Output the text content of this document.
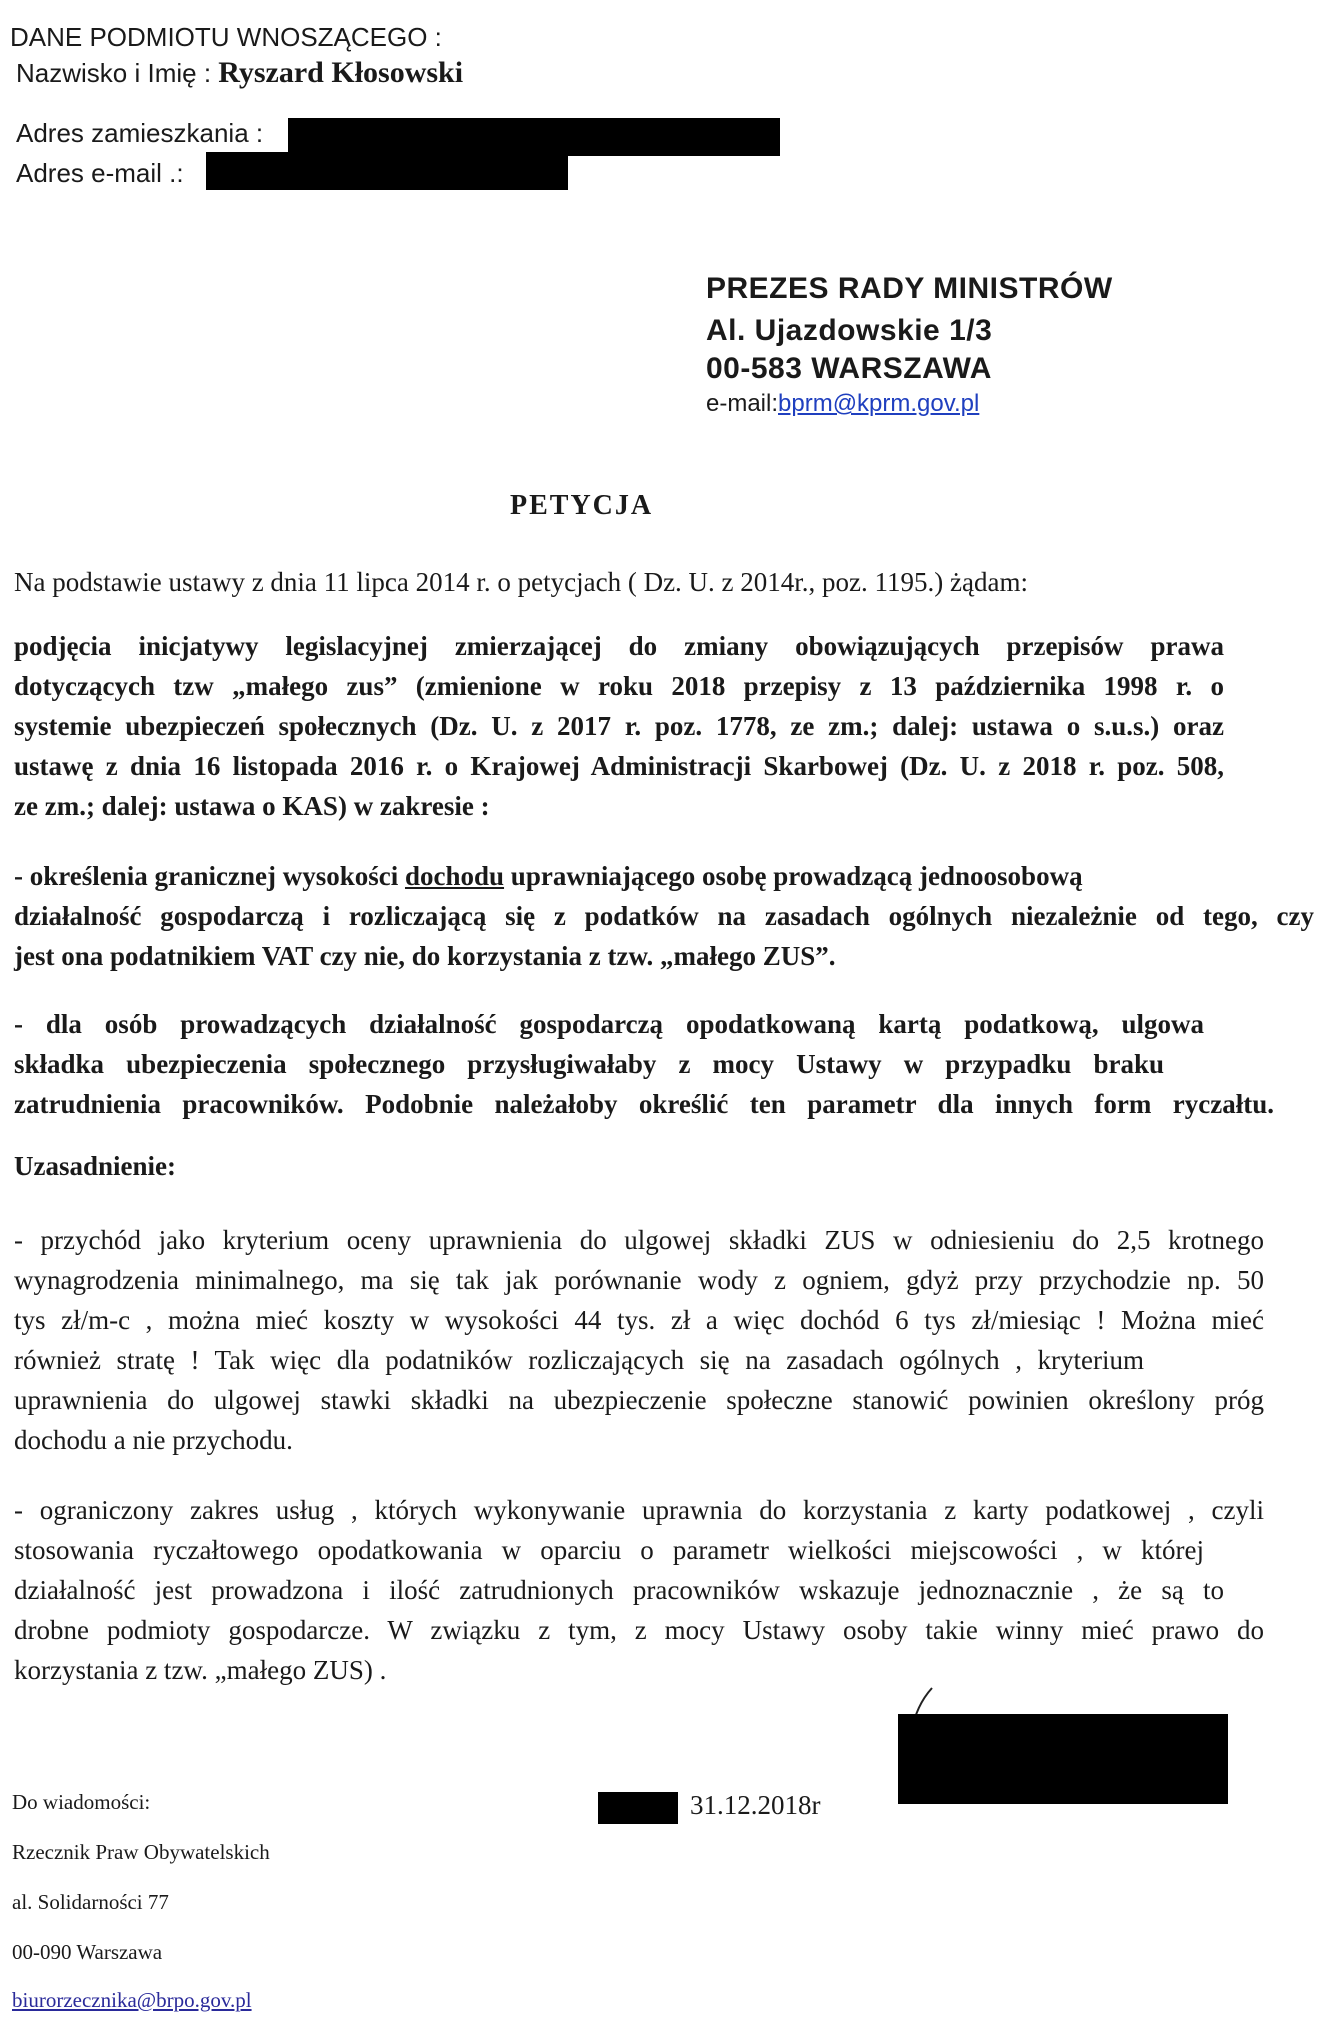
DANE PODMIOTU WNOSZĄCEGO :
Nazwisko i Imię : Ryszard Kłosowski
Adres zamieszkania :
Adres e-mail .:
PREZES RADY MINISTRÓW
Al. Ujazdowskie 1/3
00-583 WARSZAWA
e-mail:bprm@kprm.gov.pl
PETYCJA
Na podstawie ustawy z dnia 11 lipca 2014 r. o petycjach ( Dz. U. z 2014r., poz. 1195.) żądam:
podjęcia inicjatywy legislacyjnej zmierzającej do zmiany obowiązujących przepisów prawa
dotyczących tzw „małego zus” (zmienione w roku 2018 przepisy z 13 października 1998 r. o
systemie ubezpieczeń społecznych (Dz. U. z 2017 r. poz. 1778, ze zm.; dalej: ustawa o s.u.s.) oraz
ustawę z dnia 16 listopada 2016 r. o Krajowej Administracji Skarbowej (Dz. U. z 2018 r. poz. 508,
ze zm.; dalej: ustawa o KAS) w zakresie :
- określenia granicznej wysokości dochodu uprawniającego osobę prowadzącą jednoosobową
działalność gospodarczą i rozliczającą się z podatków na zasadach ogólnych niezależnie od tego, czy
jest ona podatnikiem VAT czy nie, do korzystania z tzw. „małego ZUS”.
- dla osób prowadzących działalność gospodarczą opodatkowaną kartą podatkową, ulgowa
składka ubezpieczenia społecznego przysługiwałaby z mocy Ustawy w przypadku braku
zatrudnienia pracowników. Podobnie należałoby określić ten parametr dla innych form ryczałtu.
Uzasadnienie:
- przychód jako kryterium oceny uprawnienia do ulgowej składki ZUS w odniesieniu do 2,5 krotnego
wynagrodzenia minimalnego, ma się tak jak porównanie wody z ogniem, gdyż przy przychodzie np. 50
tys zł/m-c , można mieć koszty w wysokości 44 tys. zł a więc dochód 6 tys zł/miesiąc ! Można mieć
również stratę ! Tak więc dla podatników rozliczających się na zasadach ogólnych , kryterium
uprawnienia do ulgowej stawki składki na ubezpieczenie społeczne stanowić powinien określony próg
dochodu a nie przychodu.
- ograniczony zakres usług , których wykonywanie uprawnia do korzystania z karty podatkowej , czyli
stosowania ryczałtowego opodatkowania w oparciu o parametr wielkości miejscowości , w której
działalność jest prowadzona i ilość zatrudnionych pracowników wskazuje jednoznacznie , że są to
drobne podmioty gospodarcze. W związku z tym, z mocy Ustawy osoby takie winny mieć prawo do
korzystania z tzw. „małego ZUS) .
Do wiadomości:
Rzecznik Praw Obywatelskich
al. Solidarności 77
00-090 Warszawa
biurorzecznika@brpo.gov.pl
31.12.2018r
